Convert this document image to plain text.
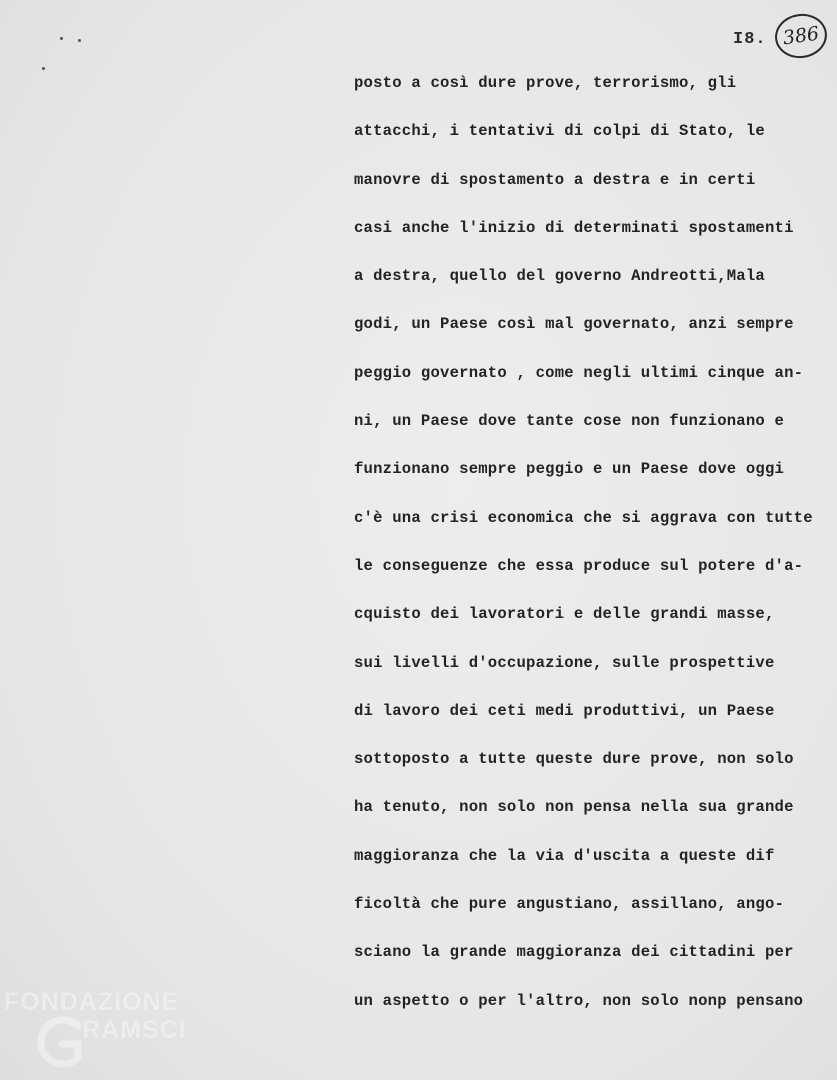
I8. 386
posto a così dure prove, terrorismo, gli
attacchi, i tentativi di colpi di Stato, le
manovre di spostamento a destra e in certi
casi anche l'inizio di determinati spostamenti
a destra, quello del governo Andreotti,Mala
godi, un Paese così mal governato, anzi sempre
peggio governato , come negli ultimi cinque an-
ni, un Paese dove tante cose non funzionano e
funzionano sempre peggio e un Paese dove oggi
c'è una crisi economica che si aggrava con tutte
le conseguenze che essa produce sul potere d'a-
cquisto dei lavoratori e delle grandi masse,
sui livelli d'occupazione, sulle prospettive
di lavoro dei ceti medi produttivi, un Paese
sottoposto a tutte queste dure prove, non solo
ha tenuto, non solo non pensa nella sua grande
maggioranza che la via d'uscita a queste dif
ficoltà che pure angustiano, assillano, ango-
sciano la grande maggioranza dei cittadini per
un aspetto o per l'altro, non solo nonp pensano
FONDAZIONE
RAMSCI
